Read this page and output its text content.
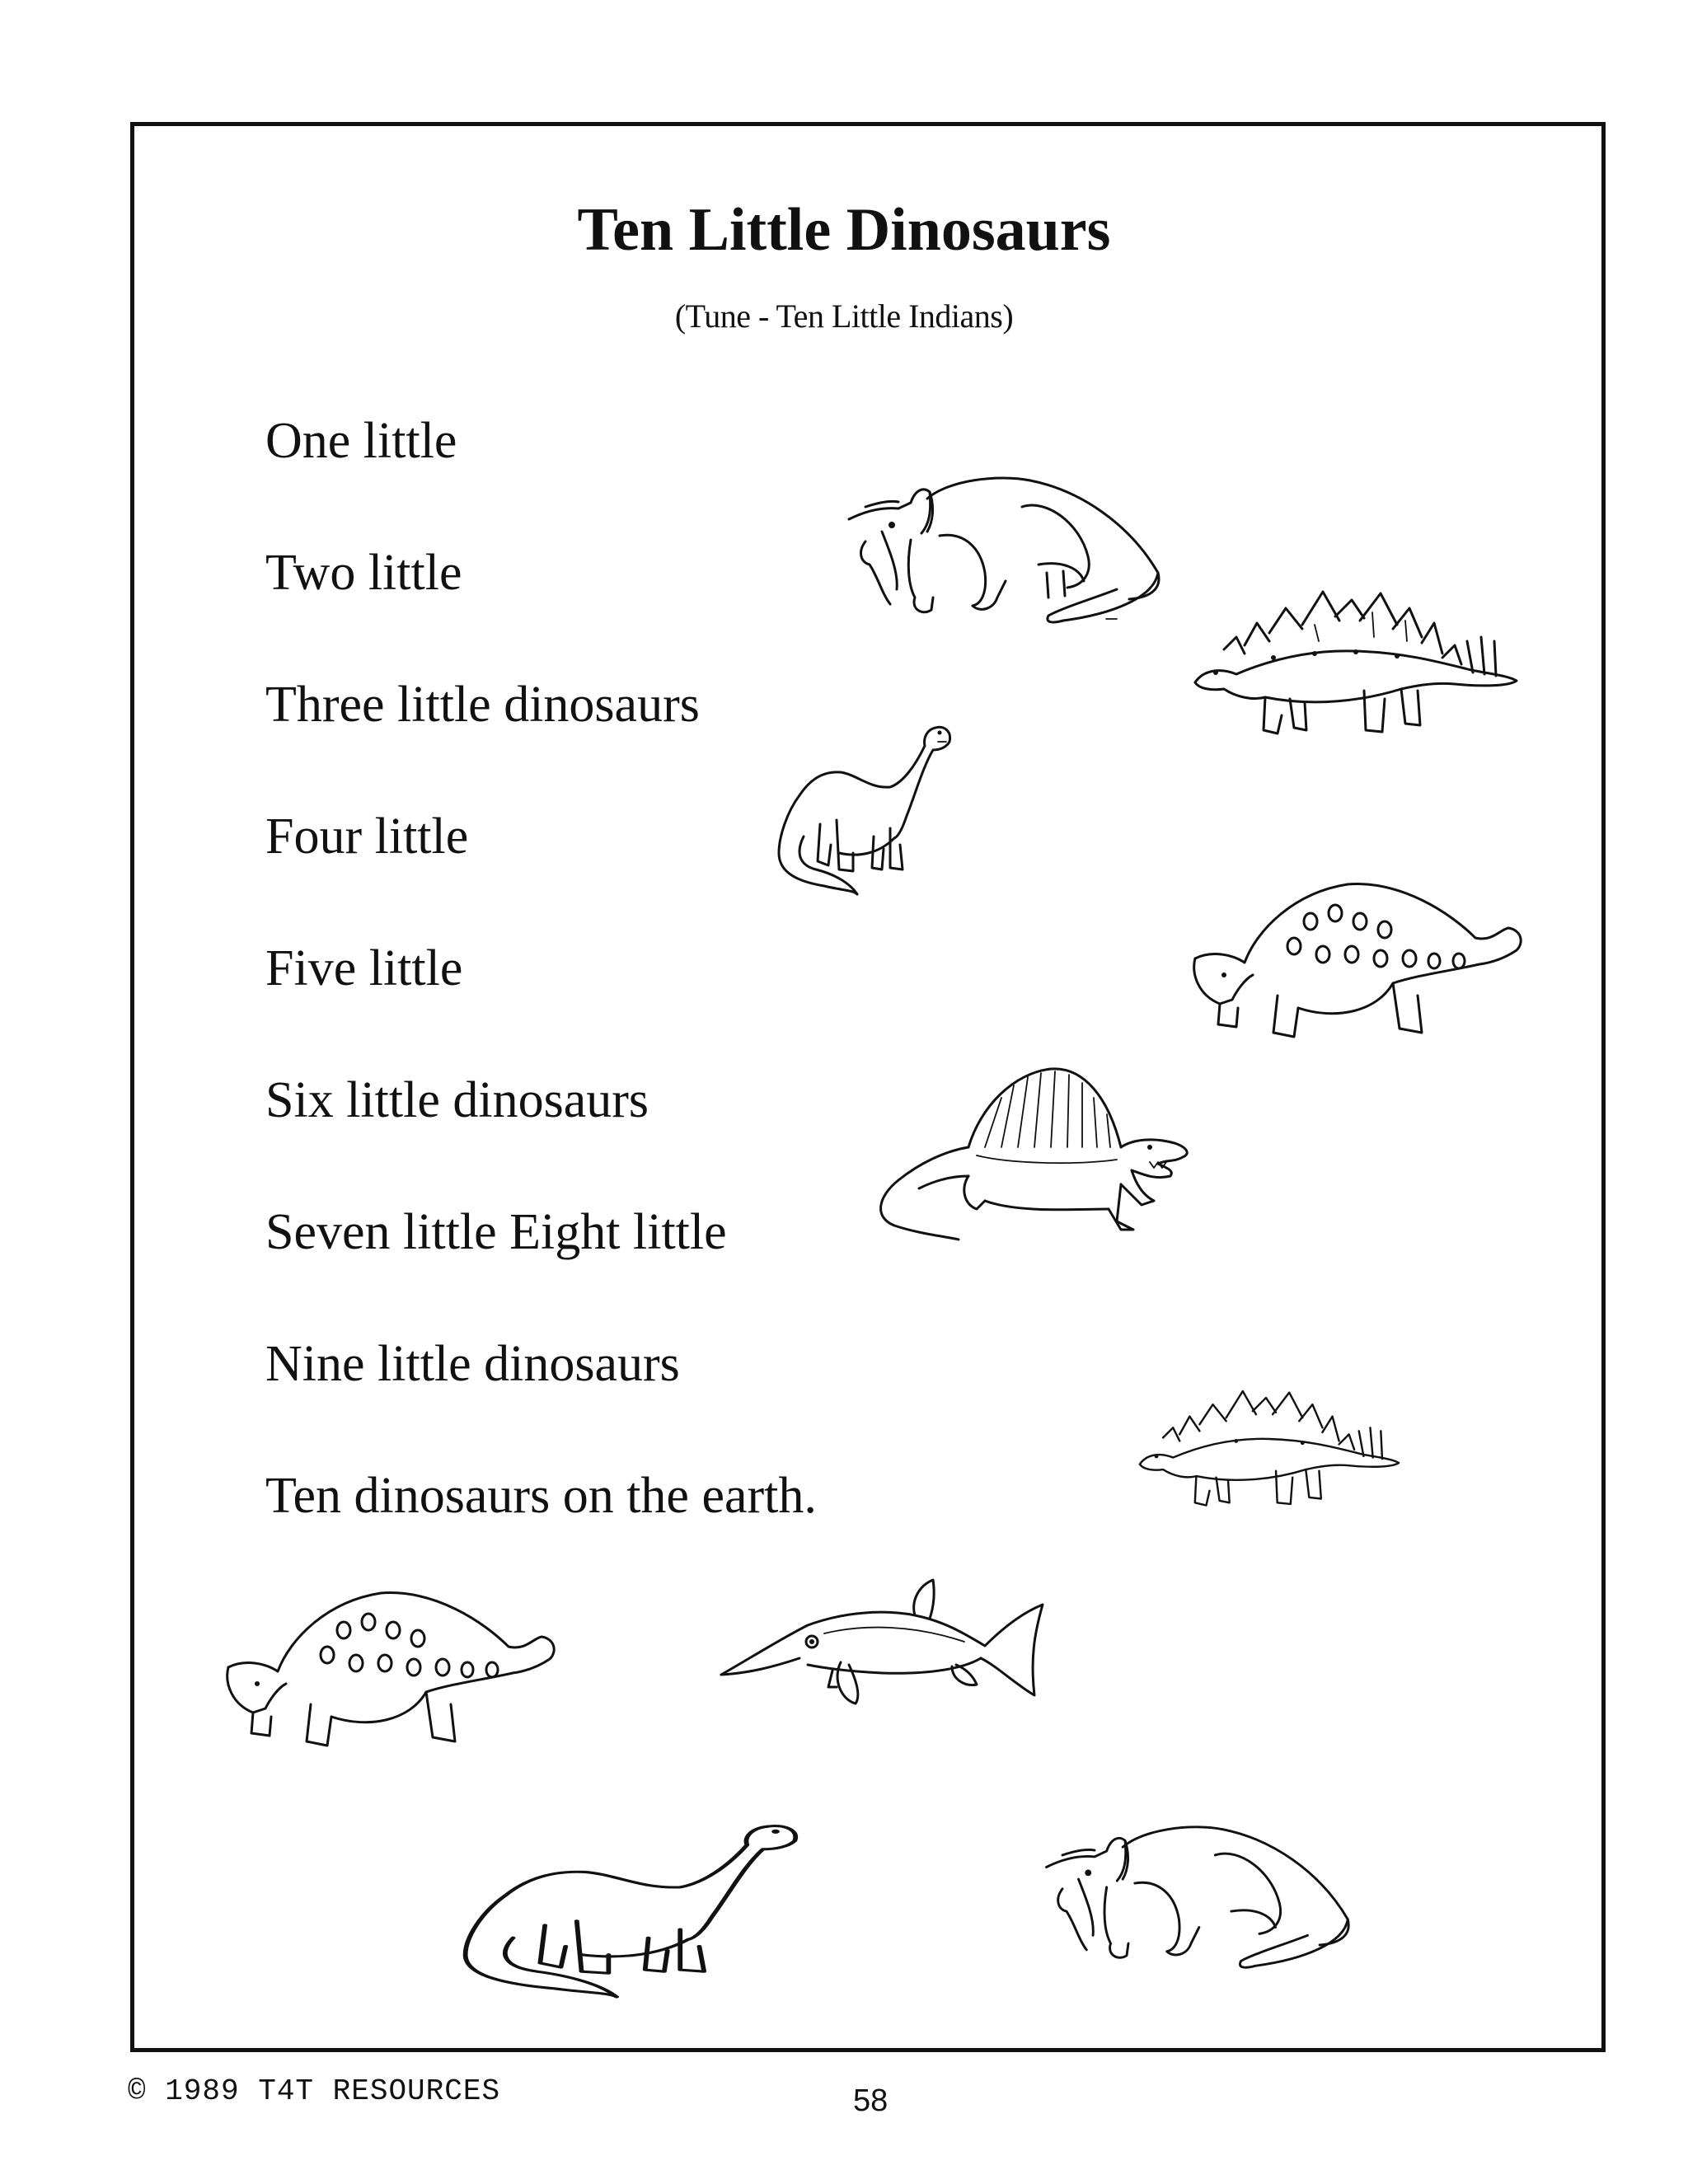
Ten Little Dinosaurs
(Tune - Ten Little Indians)
One little
Two little
Three little dinosaurs
Four little
Five little
Six little dinosaurs
Seven little Eight little
Nine little dinosaurs
Ten dinosaurs on the earth.
© 1989 T4T RESOURCES	58
